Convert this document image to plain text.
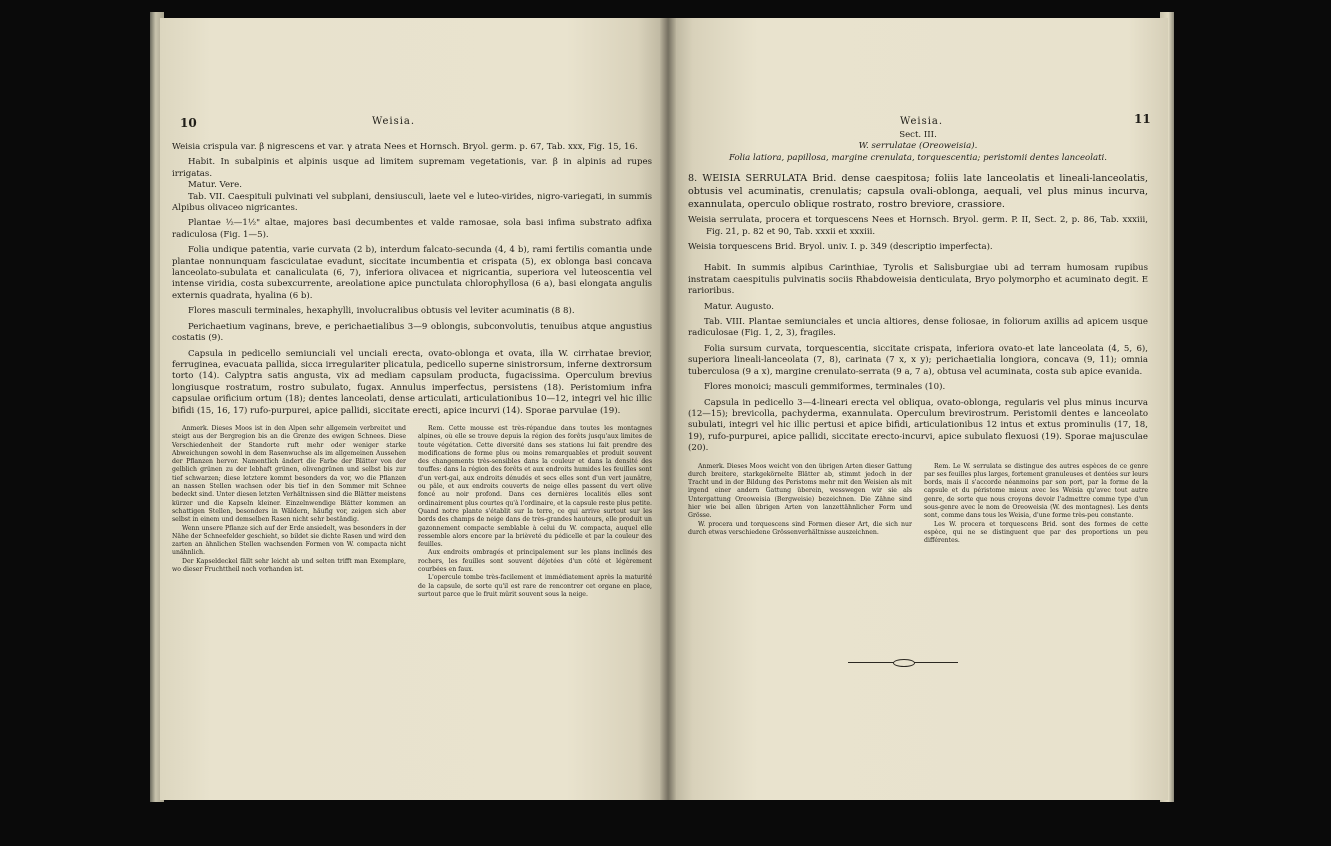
10	Weisia.

Weisia crispula var. β nigrescens et var. γ atrata Nees et Hornsch. Bryol. germ. p. 67, Tab. xxx, Fig. 15, 16.

Habit. In subalpinis et alpinis usque ad limitem supremam vegetationis, var. β in alpinis ad rupes irrigatas.

Matur. Vere.

Tab. VII. Caespituli pulvinati vel subplani, densiusculi, laete vel e luteo-virides, nigro-variegati, in summis Alpibus olivaceo nigricantes.

Plantae ½—1½" altae, majores basi decumbentes et valde ramosae, sola basi infima substrato adfixa radiculosa (Fig. 1—5).

Folia undique patentia, varie curvata (2 b), interdum falcato-secunda (4, 4 b), rami fertilis comantia unde plantae nonnunquam fasciculatae evadunt, siccitate incumbentia et crispata (5), ex oblonga basi concava lanceolato-subulata et canaliculata (6, 7), inferiora olivacea et nigricantia, superiora vel luteoscentia vel intense viridia, costa subexcurrente, areolatione apice punctulata chlorophyllosa (6 a), basi elongata angulis externis quadrata, hyalina (6 b).

Flores masculi terminales, hexaphylli, involucralibus obtusis vel leviter acuminatis (8 8).

Perichaetium vaginans, breve, e perichaetialibus 3—9 oblongis, subconvolutis, tenuibus atque angustius costatis (9).

Capsula in pedicello semiunciali vel unciali erecta, ovato-oblonga et ovata, illa W. cirrhatae brevior, ferruginea, evacuata pallida, sicca irregulariter plicatula, pedicello superne sinistrorsum, inferne dextrorsum torto (14). Calyptra satis angusta, vix ad mediam capsulam producta, fugacissima. Operculum brevius longiusque rostratum, rostro subulato, fugax. Annulus imperfectus, persistens (18). Peristomium infra capsulae orificium ortum (18); dentes lanceolati, dense articulati, articulationibus 10—12, integri vel hic illic bifidi (15, 16, 17) rufo-purpurei, apice pallidi, siccitate erecti, apice incurvi (14). Sporae parvulae (19).

Anmerk. Dieses Moos ist in den Alpen sehr allgemein verbreitet und steigt aus der Bergregion bis an die Grenze des ewigen Schnees. Diese Verschiedenheit der Standorte ruft mehr oder weniger starke Abweichungen sowohl in dem Rasenwuchse als im allgemeinen Aussehen der Pflanzen hervor. Namentlich ändert die Farbe der Blätter von der gelblich grünen zu der lebhaft grünen, olivengrünen und selbst bis zur tief schwarzen; diese letztere kommt besonders da vor, wo die Pflanzen an nassen Stellen wachsen oder bis tief in den Sommer mit Schnee bedeckt sind. Unter diesen letzten Verhältnissen sind die Blätter meistens kürzer und die Kapseln kleiner. Einzelnwendige Blätter kommen an schattigen Stellen, besonders in Wäldern, häufig vor, zeigen sich aber selbst in einem und demselben Rasen nicht sehr beständig.

Wenn unsere Pflanze sich auf der Erde ansiedelt, was besonders in der Nähe der Schneefelder geschieht, so bildet sie dichte Rasen und wird den zarten an ähnlichen Stellen wachsenden Formen von W. compacta nicht unähnlich.

Der Kapseldeckel fällt sehr leicht ab und selten trifft man Exemplare, wo dieser Fruchttheil noch vorhanden ist.

Rem. Cette mousse est très-répandue dans toutes les montagnes alpines, où elle se trouve depuis la région des forêts jusqu'aux limites de toute végétation. Cette diversité dans ses stations lui fait prendre des modifications de forme plus ou moins remarquables et produit souvent des changements très-sensibles dans la couleur et dans la densité des touffes: dans la région des forêts et aux endroits humides les feuilles sont d'un vert-gai, aux endroits dénudés et secs elles sont d'un vert jaunâtre, ou pâle, et aux endroits couverts de neige elles passent du vert olive foncé au noir profond. Dans ces dernières localités elles sont ordinairement plus courtes qu'à l'ordinaire, et la capsule reste plus petite. Quand notre plante s'établit sur la terre, ce qui arrive surtout sur les bords des champs de neige dans de très-grandes hauteurs, elle produit un gazonnement compacte semblable à celui du W. compacta, auquel elle ressemble alors encore par la brièveté du pédicelle et par la couleur des feuilles.

Aux endroits ombragés et principalement sur les plans inclinés des rochers, les feuilles sont souvent déjetées d'un côté et légèrement courbées en faux.

L'opercule tombe très-facilement et immédiatement après la maturité de la capsule, de sorte qu'il est rare de rencontrer cet organe en place, surtout parce que le fruit mûrit souvent sous la neige.

Weisia.	11

Sect. III.

W. serrulatae (Oreoweisia).

Folia latiora, papillosa, margine crenulata, torquescentia; peristomii dentes lanceolati.

8. WEISIA SERRULATA Brid. dense caespitosa; foliis late lanceolatis et lineali-lanceolatis, obtusis vel acuminatis, crenulatis; capsula ovali-oblonga, aequali, vel plus minus incurva, exannulata, operculo oblique rostrato, rostro breviore, crassiore.

Weisia serrulata, procera et torquescens Nees et Hornsch. Bryol. germ. P. II, Sect. 2, p. 86, Tab. xxxiii, Fig. 21, p. 82 et 90, Tab. xxxii et xxxiii.

Weisia torquescens Brid. Bryol. univ. I. p. 349 (descriptio imperfecta).

Habit. In summis alpibus Carinthiae, Tyrolis et Salisburgiae ubi ad terram humosam rupibus instratam caespitulis pulvinatis sociis Rhabdoweisia denticulata, Bryo polymorpho et acuminato degit. E rarioribus.

Matur. Augusto.

Tab. VIII. Plantae semiunciales et uncia altiores, dense foliosae, in foliorum axillis ad apicem usque radiculosae (Fig. 1, 2, 3), fragiles.

Folia sursum curvata, torquescentia, siccitate crispata, inferiora ovato-et late lanceolata (4, 5, 6), superiora lineali-lanceolata (7, 8), carinata (7 x, x y); perichaetialia longiora, concava (9, 11); omnia tuberculosa (9 a x), margine crenulato-serrata (9 a, 7 a), obtusa vel acuminata, costa sub apice evanida.

Flores monoici; masculi gemmiformes, terminales (10).

Capsula in pedicello 3—4-lineari erecta vel obliqua, ovato-oblonga, regularis vel plus minus incurva (12—15); brevicolla, pachyderma, exannulata. Operculum brevirostrum. Peristomii dentes e lanceolato subulati, integri vel hic illic pertusi et apice bifidi, articulationibus 12 intus et extus prominulis (17, 18, 19), rufo-purpurei, apice pallidi, siccitate erecto-incurvi, apice subulato flexuosi (19). Sporae majusculae (20).

Anmerk. Dieses Moos weicht von den übrigen Arten dieser Gattung durch breitere, starkgekörnelte Blätter ab, stimmt jedoch in der Tracht und in der Bildung des Peristoms mehr mit den Weisien als mit irgend einer andern Gattung überein, wesswegen wir sie als Untergattung Oreoweisia (Bergweisie) bezeichnen. Die Zähne sind hier wie bei allen übrigen Arten von lanzettähnlicher Form und Grösse.

W. procera und torquescens sind Formen dieser Art, die sich nur durch etwas verschiedene Grössenverhältnisse auszeichnen.

Rem. Le W. serrulata se distingue des autres espèces de ce genre par ses feuilles plus larges, fortement granuleuses et dentées sur leurs bords, mais il s'accorde néanmoins par son port, par la forme de la capsule et du péristome mieux avec les Weisia qu'avec tout autre genre, de sorte que nous croyons devoir l'admettre comme type d'un sous-genre avec le nom de Oreoweisia (W. des montagnes). Les dents sont, comme dans tous les Weisia, d'une forme très-peu constante.

Les W. procera et torquescens Brid. sont des formes de cette espèce, qui ne se distinguent que par des proportions un peu différentes.
